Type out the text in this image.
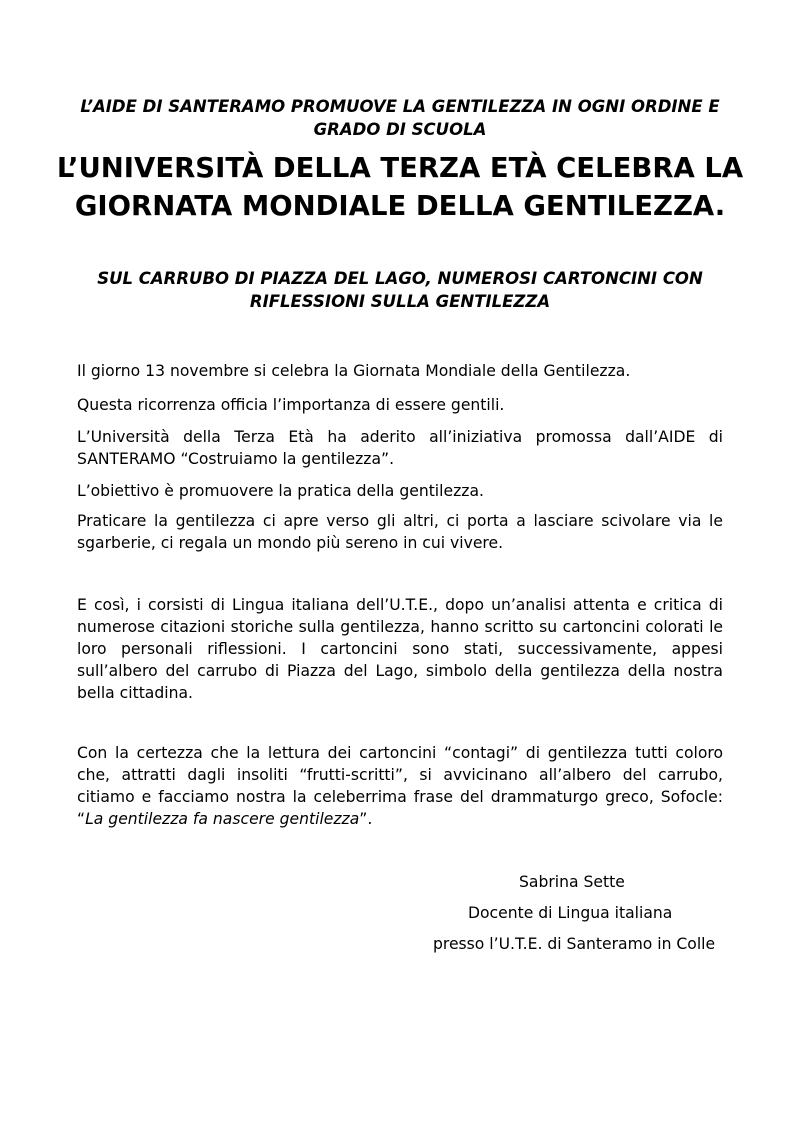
L’AIDE DI SANTERAMO PROMUOVE LA GENTILEZZA IN OGNI ORDINE E GRADO DI SCUOLA

L’UNIVERSITÀ DELLA TERZA ETÀ CELEBRA LA GIORNATA MONDIALE DELLA GENTILEZZA.

SUL CARRUBO DI PIAZZA DEL LAGO, NUMEROSI CARTONCINI CON RIFLESSIONI SULLA GENTILEZZA

Il giorno 13 novembre si celebra la Giornata Mondiale della Gentilezza.

Questa ricorrenza officia l’importanza di essere gentili.

L’Università della Terza Età ha aderito all’iniziativa promossa dall’AIDE di SANTERAMO “Costruiamo la gentilezza”.

L’obiettivo è promuovere la pratica della gentilezza.

Praticare la gentilezza ci apre verso gli altri, ci porta a lasciare scivolare via le sgarberie, ci regala un mondo più sereno in cui vivere.

E così, i corsisti di Lingua italiana dell’U.T.E., dopo un’analisi attenta e critica di numerose citazioni storiche sulla gentilezza, hanno scritto su cartoncini colorati le loro personali riflessioni. I cartoncini sono stati, successivamente, appesi sull’albero del carrubo di Piazza del Lago, simbolo della gentilezza della nostra bella cittadina.

Con la certezza che la lettura dei cartoncini “contagi” di gentilezza tutti coloro che, attratti dagli insoliti “frutti-scritti”, si avvicinano all’albero del carrubo, citiamo e facciamo nostra la celeberrima frase del drammaturgo greco, Sofocle: “La gentilezza fa nascere gentilezza”.

Sabrina Sette

Docente di Lingua italiana

presso l’U.T.E. di Santeramo in Colle
